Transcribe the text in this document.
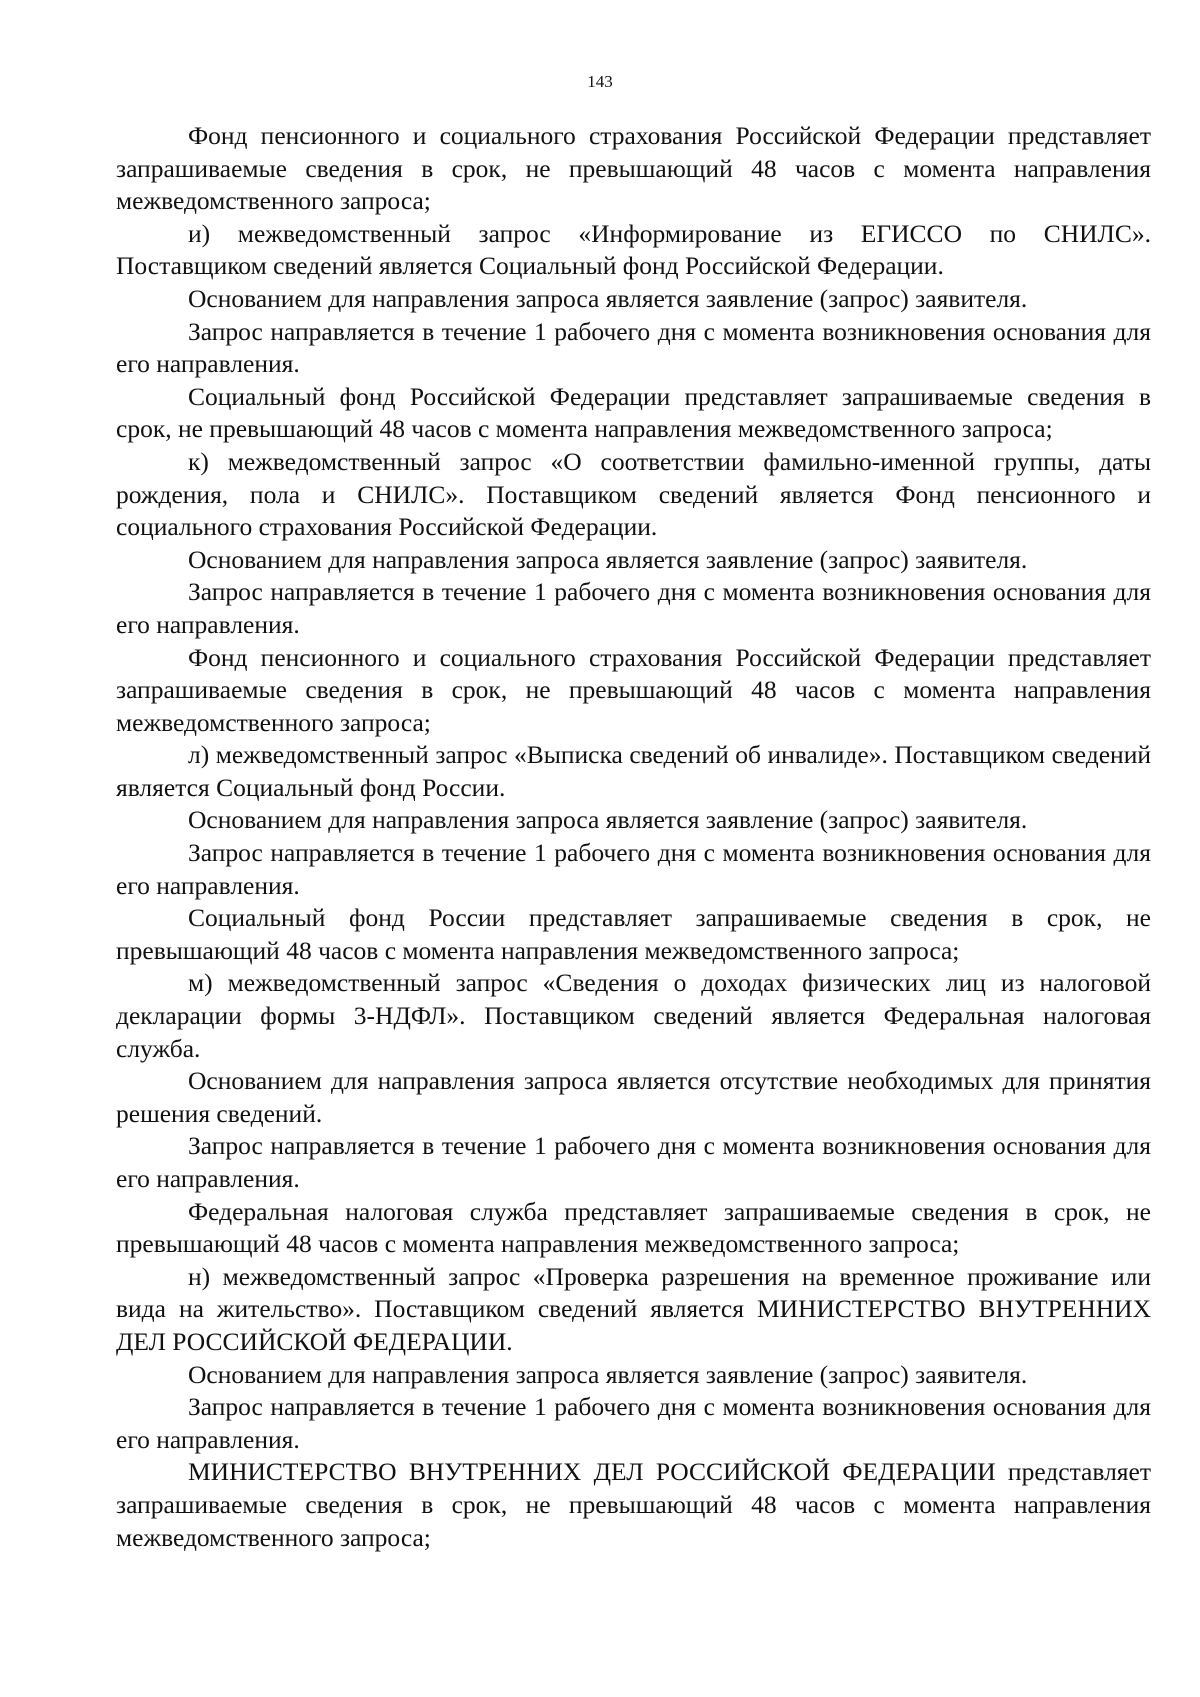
143

Фонд пенсионного и социального страхования Российской Федерации представляет запрашиваемые сведения в срок, не превышающий 48 часов с момента направления межведомственного запроса;

и) межведомственный запрос «Информирование из ЕГИССО по СНИЛС». Поставщиком сведений является Социальный фонд Российской Федерации.

Основанием для направления запроса является заявление (запрос) заявителя.

Запрос направляется в течение 1 рабочего дня с момента возникновения основания для его направления.

Социальный фонд Российской Федерации представляет запрашиваемые сведения в срок, не превышающий 48 часов с момента направления межведомственного запроса;

к) межведомственный запрос «О соответствии фамильно-именной группы, даты рождения, пола и СНИЛС». Поставщиком сведений является Фонд пенсионного и социального страхования Российской Федерации.

Основанием для направления запроса является заявление (запрос) заявителя.

Запрос направляется в течение 1 рабочего дня с момента возникновения основания для его направления.

Фонд пенсионного и социального страхования Российской Федерации представляет запрашиваемые сведения в срок, не превышающий 48 часов с момента направления межведомственного запроса;

л) межведомственный запрос «Выписка сведений об инвалиде». Поставщиком сведений является Социальный фонд России.

Основанием для направления запроса является заявление (запрос) заявителя.

Запрос направляется в течение 1 рабочего дня с момента возникновения основания для его направления.

Социальный фонд России представляет запрашиваемые сведения в срок, не превышающий 48 часов с момента направления межведомственного запроса;

м) межведомственный запрос «Сведения о доходах физических лиц из налоговой декларации формы 3-НДФЛ». Поставщиком сведений является Федеральная налоговая служба.

Основанием для направления запроса является отсутствие необходимых для принятия решения сведений.

Запрос направляется в течение 1 рабочего дня с момента возникновения основания для его направления.

Федеральная налоговая служба представляет запрашиваемые сведения в срок, не превышающий 48 часов с момента направления межведомственного запроса;

н) межведомственный запрос «Проверка разрешения на временное проживание или вида на жительство». Поставщиком сведений является МИНИСТЕРСТВО ВНУТРЕННИХ ДЕЛ РОССИЙСКОЙ ФЕДЕРАЦИИ.

Основанием для направления запроса является заявление (запрос) заявителя.

Запрос направляется в течение 1 рабочего дня с момента возникновения основания для его направления.

МИНИСТЕРСТВО ВНУТРЕННИХ ДЕЛ РОССИЙСКОЙ ФЕДЕРАЦИИ представляет запрашиваемые сведения в срок, не превышающий 48 часов с момента направления межведомственного запроса;
